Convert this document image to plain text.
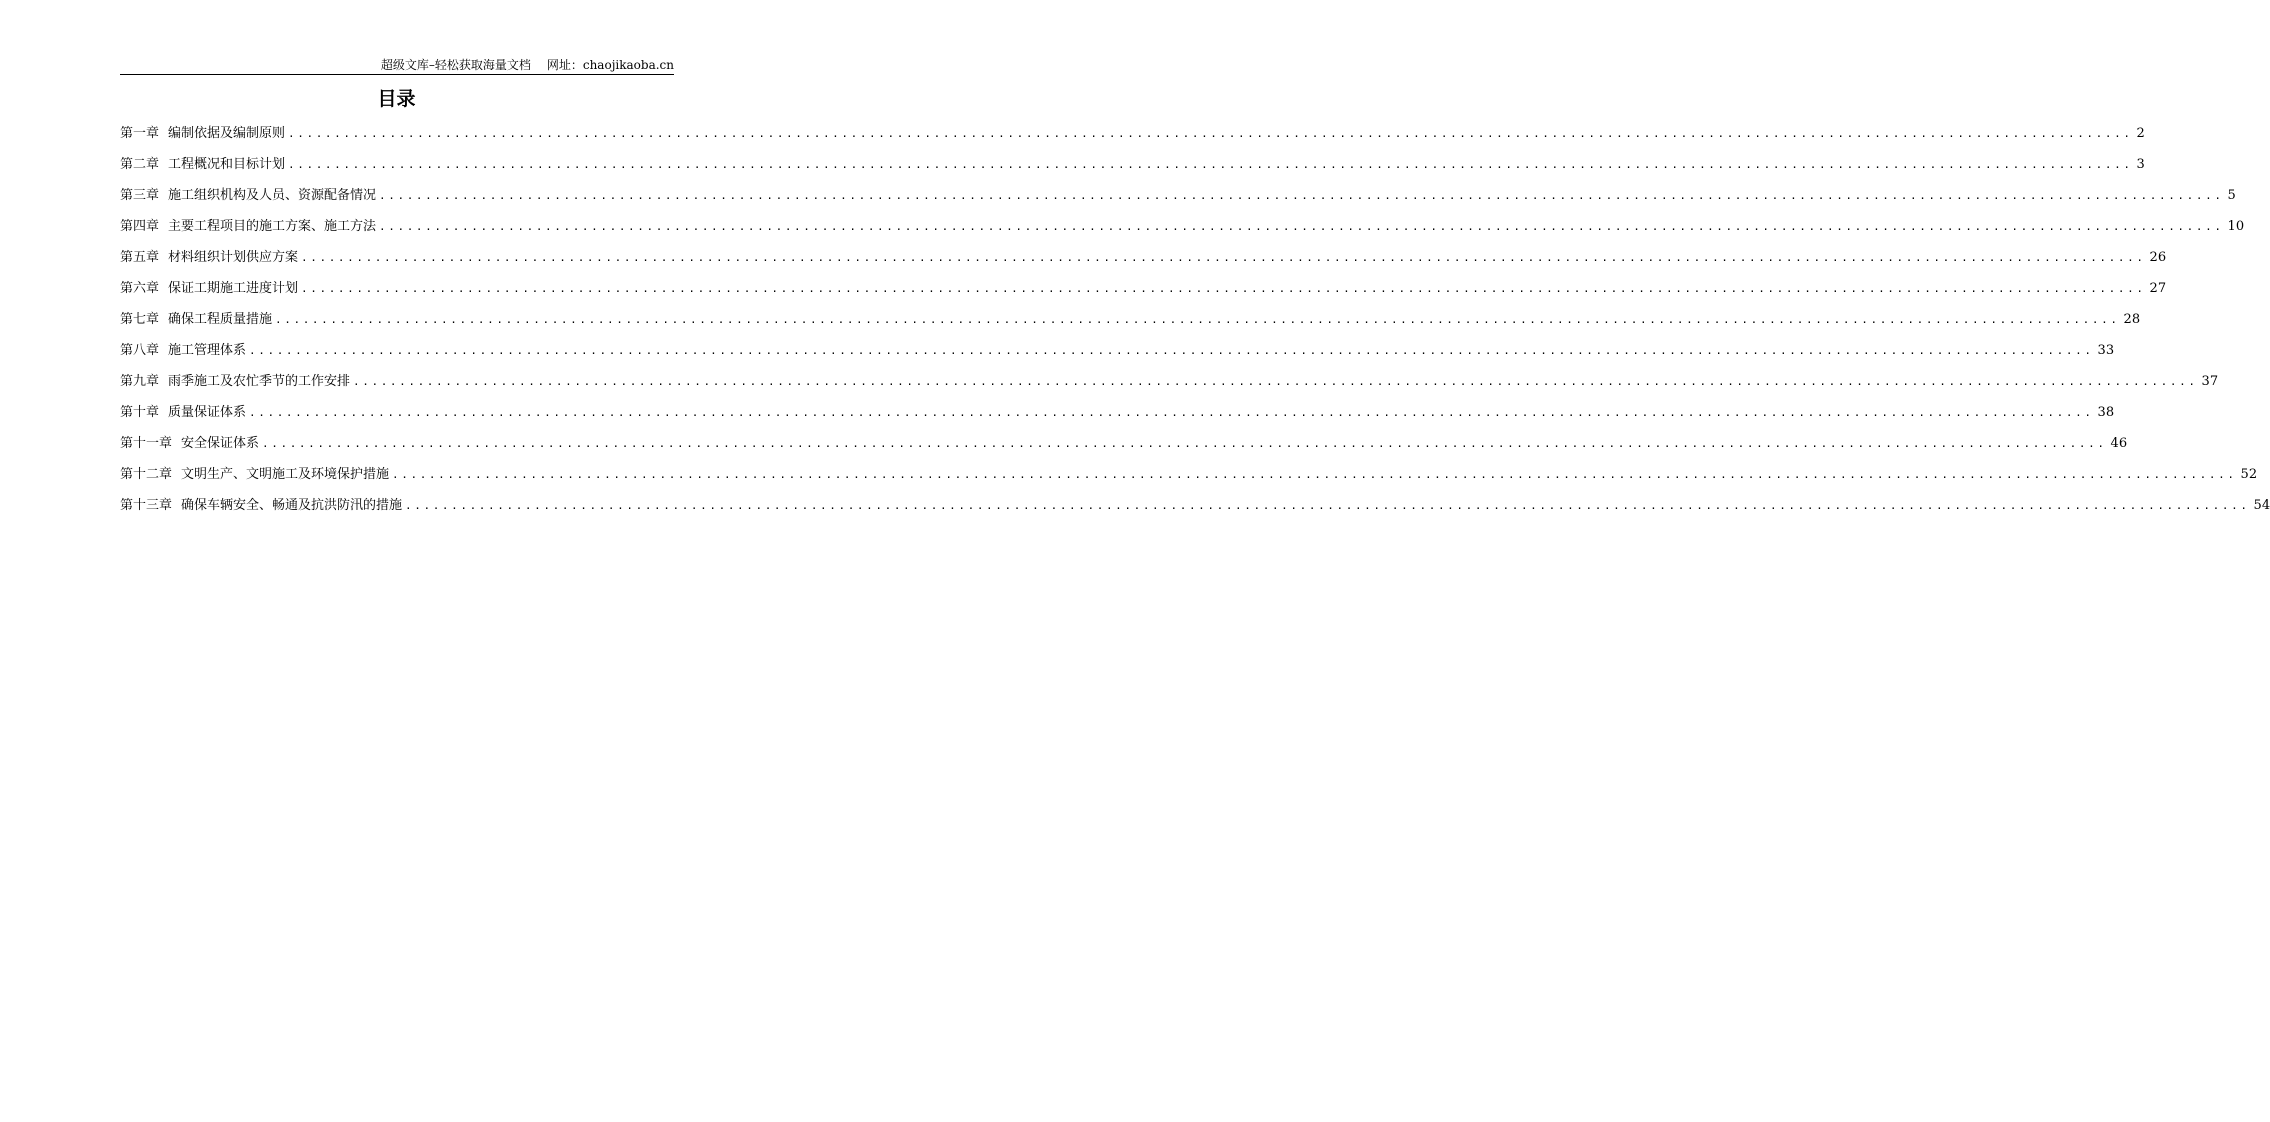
超级文库–轻松获取海量文档 网址：chaojikaoba.cn
目录
第一章 编制依据及编制原则 ........................................................................................................................................................................................................ 2
第二章 工程概况和目标计划 ........................................................................................................................................................................................................ 3
第三章 施工组织机构及人员、资源配备情况 ........................................................................................................................................................................................................ 5
第四章 主要工程项目的施工方案、施工方法 ........................................................................................................................................................................................................ 10
第五章 材料组织计划供应方案 ........................................................................................................................................................................................................ 26
第六章 保证工期施工进度计划 ........................................................................................................................................................................................................ 27
第七章 确保工程质量措施 ........................................................................................................................................................................................................ 28
第八章 施工管理体系 ........................................................................................................................................................................................................ 33
第九章 雨季施工及农忙季节的工作安排 ........................................................................................................................................................................................................ 37
第十章 质量保证体系 ........................................................................................................................................................................................................ 38
第十一章 安全保证体系 ........................................................................................................................................................................................................ 46
第十二章 文明生产、文明施工及环境保护措施 ........................................................................................................................................................................................................ 52
第十三章 确保车辆安全、畅通及抗洪防汛的措施 ........................................................................................................................................................................................................ 54
